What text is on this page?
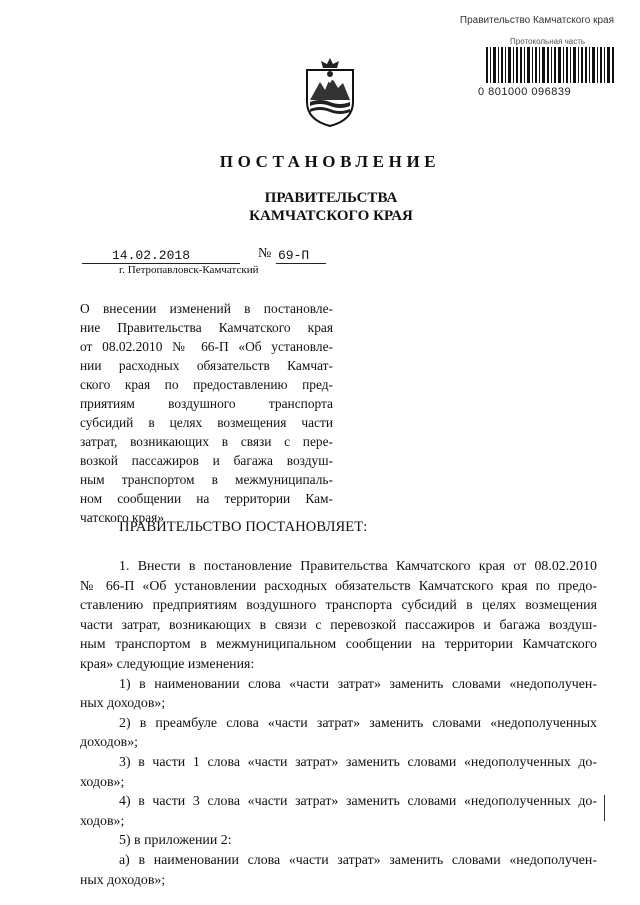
Правительство Камчатского края
Протокольная часть
0 801000 096839
ПОСТАНОВЛЕНИЕ
ПРАВИТЕЛЬСТВА
КАМЧАТСКОГО КРАЯ
14.02.2018	№ 69-П
г. Петропавловск-Камчатский
О внесении изменений в постановле-
ние Правительства Камчатского края
от 08.02.2010 № 66-П «Об установле-
нии расходных обязательств Камчат-
ского края по предоставлению пред-
приятиям воздушного транспорта
субсидий в целях возмещения части
затрат, возникающих в связи с пере-
возкой пассажиров и багажа воздуш-
ным транспортом в межмуниципаль-
ном сообщении на территории Кам-
чатского края»
ПРАВИТЕЛЬСТВО ПОСТАНОВЛЯЕТ:
1. Внести в постановление Правительства Камчатского края от 08.02.2010
№ 66-П «Об установлении расходных обязательств Камчатского края по предо-
ставлению предприятиям воздушного транспорта субсидий в целях возмещения
части затрат, возникающих в связи с перевозкой пассажиров и багажа воздуш-
ным транспортом в межмуниципальном сообщении на территории Камчатского
края» следующие изменения:
1) в наименовании слова «части затрат» заменить словами «недополучен-
ных доходов»;
2) в преамбуле слова «части затрат» заменить словами «недополученных
доходов»;
3) в части 1 слова «части затрат» заменить словами «недополученных до-
ходов»;
4) в части 3 слова «части затрат» заменить словами «недополученных до-
ходов»;
5) в приложении 2:
а) в наименовании слова «части затрат» заменить словами «недополучен-
ных доходов»;
